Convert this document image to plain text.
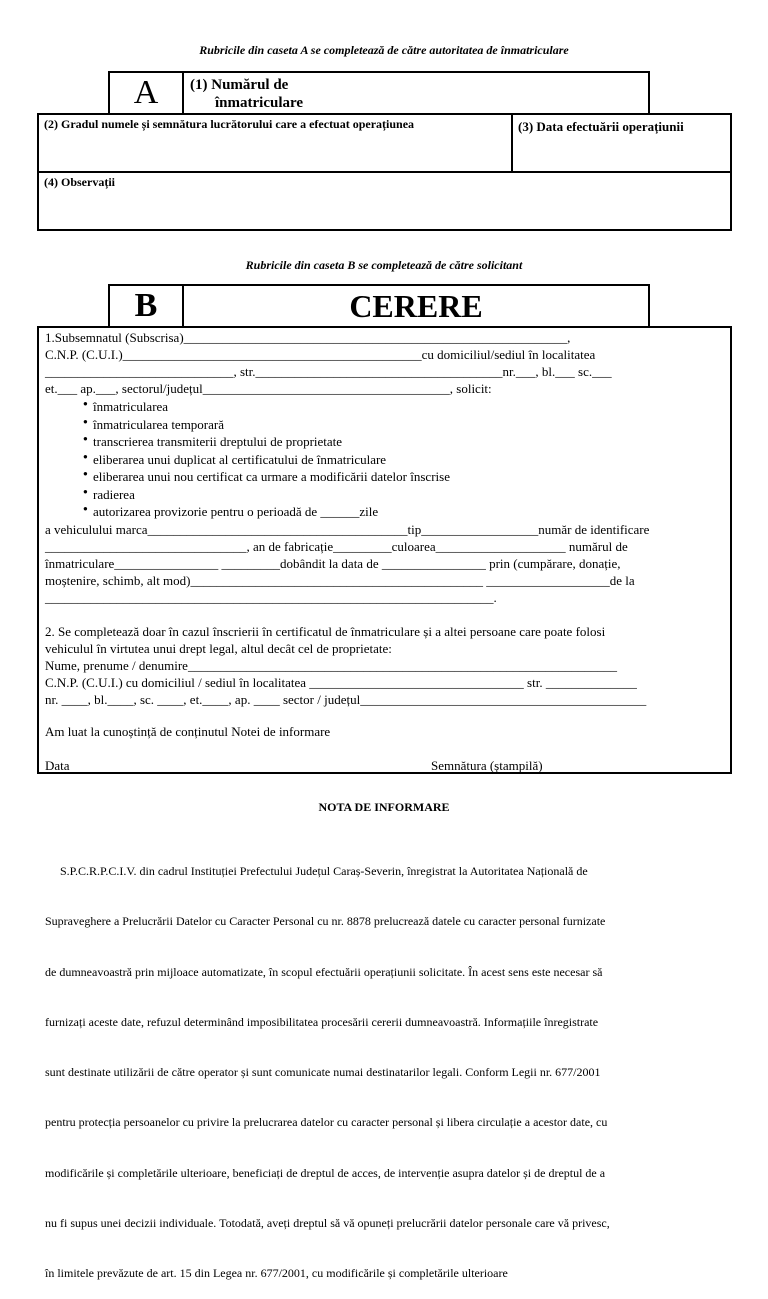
Rubricile din caseta A se completează de către autoritatea de înmatriculare
A	(1) Numărul de
înmatriculare
(2) Gradul numele și semnătura lucrătorului care a efectuat operațiunea	(3) Data efectuării operațiunii
(4) Observații
Rubricile din caseta B se completează de către solicitant
B	CERERE
1.Subsemnatul (Subscrisa)___________________________________________________________,
C.N.P. (C.U.I.)______________________________________________cu domiciliul/sediul în localitatea
_____________________________, str.______________________________________nr.___, bl.___ sc.___
et.___ ap.___, sectorul/județul______________________________________, solicit:
● înmatricularea
● înmatricularea temporară
● transcrierea transmiterii dreptului de proprietate
● eliberarea unui duplicat al certificatului de înmatriculare
● eliberarea unui nou certificat ca urmare a modificării datelor înscrise
● radierea
● autorizarea provizorie pentru o perioadă de ______zile
a vehiculului marca________________________________________tip__________________număr de identificare
_______________________________, an de fabricație_________culoarea____________________ numărul de
înmatriculare________________ _________dobândit la data de ________________ prin (cumpărare, donație,
moștenire, schimb, alt mod)_____________________________________________ ___________________de la
_____________________________________________________________________.
2. Se completează doar în cazul înscrierii în certificatul de înmatriculare și a altei persoane care poate folosi
vehiculul în virtutea unui drept legal, altul decât cel de proprietate:
Nume, prenume / denumire__________________________________________________________________
C.N.P. (C.U.I.) cu domiciliul / sediul în localitatea _________________________________ str. ______________
nr. ____, bl.____, sc. ____, et.____, ap. ____ sector / județul____________________________________________
Am luat la cunoștință de conținutul Notei de informare
Data	Semnătura (ștampilă)
NOTA DE INFORMARE

S.P.C.R.P.C.I.V. din cadrul Instituției Prefectului Județul Caraș-Severin, înregistrat la Autoritatea Națională de

Supraveghere a Prelucrării Datelor cu Caracter Personal cu nr. 8878 prelucrează datele cu caracter personal furnizate

de dumneavoastră prin mijloace automatizate, în scopul efectuării operațiunii solicitate. În acest sens este necesar să

furnizați aceste date, refuzul determinând imposibilitatea procesării cererii dumneavoastră. Informațiile înregistrate

sunt destinate utilizării de către operator și sunt comunicate numai destinatarilor legali. Conform Legii nr. 677/2001

pentru protecția persoanelor cu privire la prelucrarea datelor cu caracter personal și libera circulație a acestor date, cu

modificările și completările ulterioare, beneficiați de dreptul de acces, de intervenție asupra datelor și de dreptul de a

nu fi supus unei decizii individuale. Totodată, aveți dreptul să vă opuneți prelucrării datelor personale care vă privesc,

în limitele prevăzute de art. 15 din Legea nr. 677/2001, cu modificările și completările ulterioare
